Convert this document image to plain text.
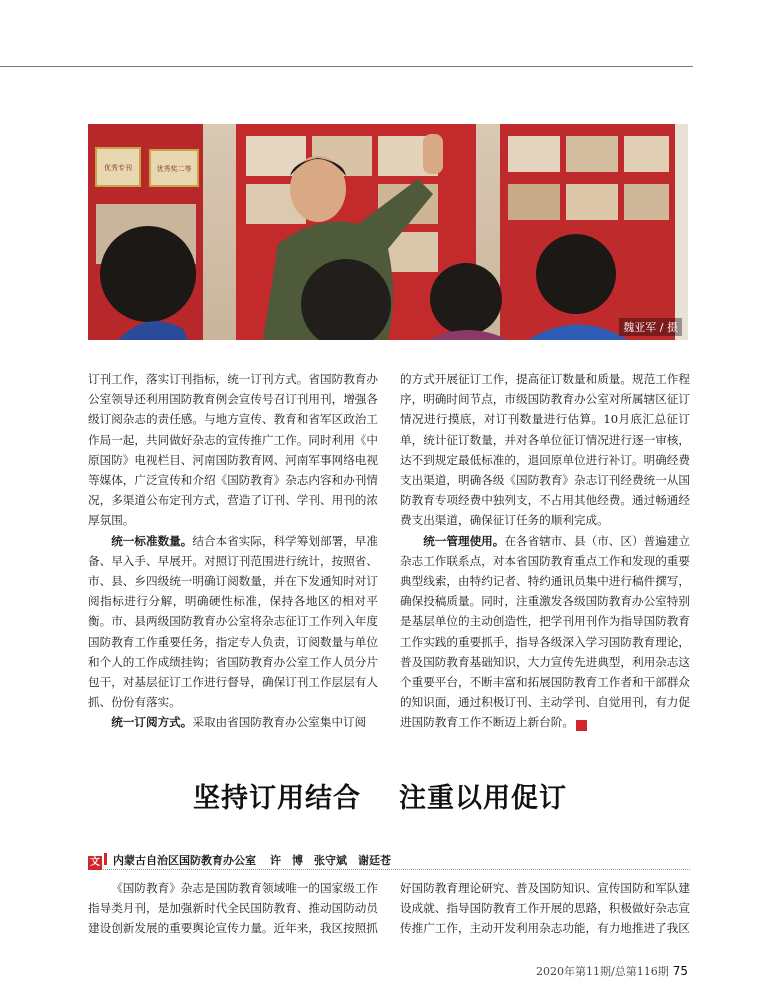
优秀专刊	优秀奖二等
魏亚军 / 摄

订刊工作，落实订刊指标，统一订刊方式。省国防教育办公室领导还利用国防教育例会宣传号召订刊用刊，增强各级订阅杂志的责任感。与地方宣传、教育和省军区政治工作局一起，共同做好杂志的宣传推广工作。同时利用《中原国防》电视栏目、河南国防教育网、河南军事网络电视等媒体，广泛宣传和介绍《国防教育》杂志内容和办刊情况，多渠道公布定刊方式，营造了订刊、学刊、用刊的浓厚氛围。

统一标准数量。结合本省实际，科学筹划部署，早准备、早入手、早展开。对照订刊范围进行统计，按照省、市、县、乡四级统一明确订阅数量，并在下发通知时对订阅指标进行分解，明确硬性标准，保持各地区的相对平衡。市、县两级国防教育办公室将杂志征订工作列入年度国防教育工作重要任务，指定专人负责，订阅数量与单位和个人的工作成绩挂钩；省国防教育办公室工作人员分片包干，对基层征订工作进行督导，确保订刊工作层层有人抓、份份有落实。

统一订阅方式。采取由省国防教育办公室集中订阅

的方式开展征订工作，提高征订数量和质量。规范工作程序，明确时间节点，市级国防教育办公室对所属辖区征订情况进行摸底，对订刊数量进行估算。10月底汇总征订单，统计征订数量，并对各单位征订情况进行逐一审核，达不到规定最低标准的，退回原单位进行补订。明确经费支出渠道，明确各级《国防教育》杂志订刊经费统一从国防教育专项经费中独列支，不占用其他经费。通过畅通经费支出渠道，确保征订任务的顺利完成。

统一管理使用。在各省辖市、县（市、区）普遍建立杂志工作联系点，对本省国防教育重点工作和发现的重要典型线索，由特约记者、特约通讯员集中进行稿件撰写，确保投稿质量。同时，注重激发各级国防教育办公室特别是基层单位的主动创造性，把学刊用刊作为指导国防教育工作实践的重要抓手，指导各级深入学习国防教育理论，普及国防教育基础知识，大力宣传先进典型，利用杂志这个重要平台，不断丰富和拓展国防教育工作者和干部群众的知识面，通过积极订刊、主动学刊、自觉用刊，有力促进国防教育工作不断迈上新台阶。	G

坚持订用结合 注重以用促订
文 内蒙古自治区国防教育办公室 许　博　张守斌　谢廷苍

《国防教育》杂志是国防教育领域唯一的国家级工作指导类月刊，是加强新时代全民国防教育、推动国防动员建设创新发展的重要舆论宣传力量。近年来，我区按照抓

好国防教育理论研究、普及国防知识、宣传国防和军队建设成就、指导国防教育工作开展的思路，积极做好杂志宣传推广工作，主动开发利用杂志功能，有力地推进了我区

2020年第11期/总第116期 75
